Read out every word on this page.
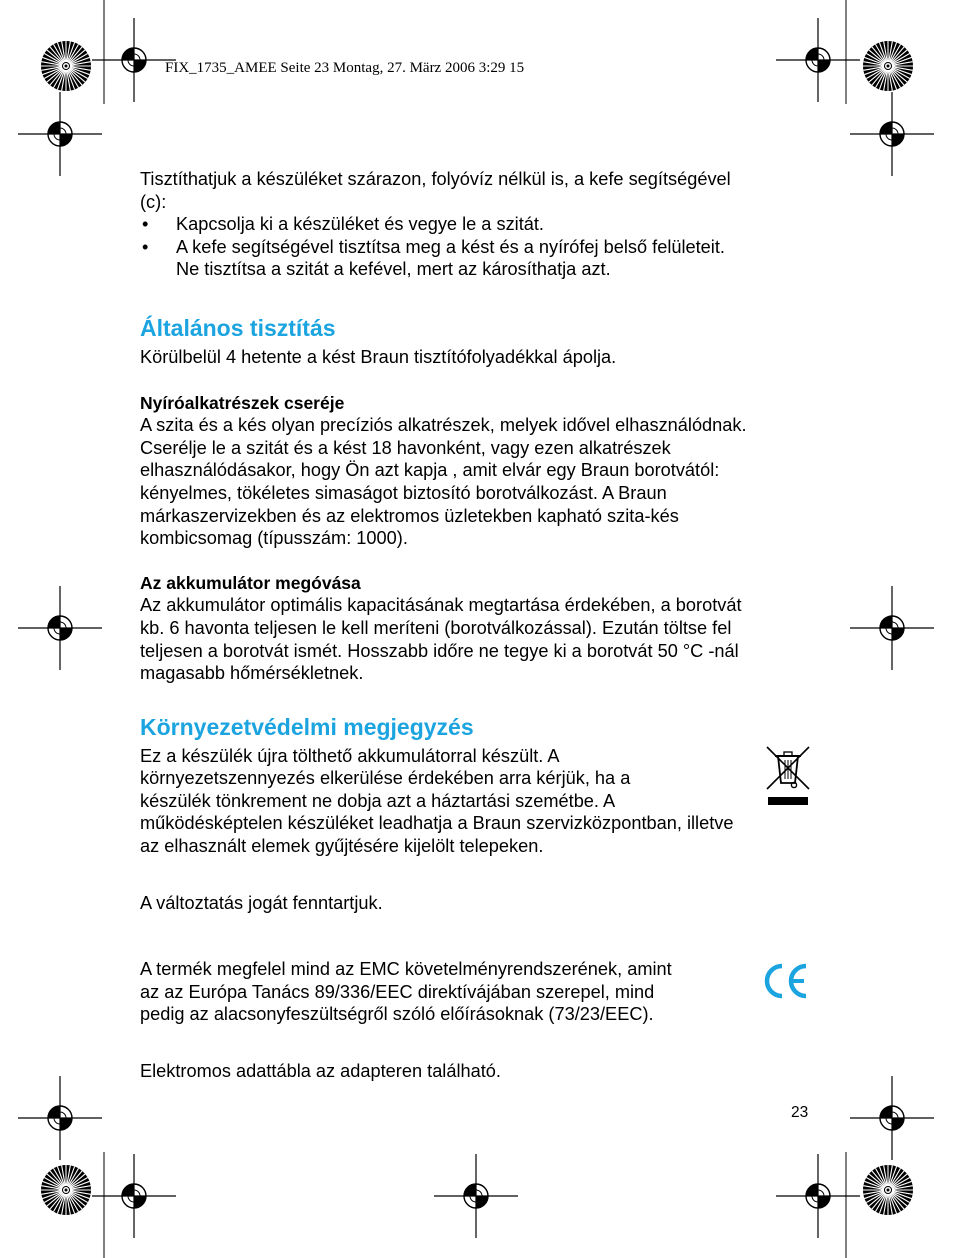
FIX_1735_AMEE Seite 23 Montag, 27. März 2006 3:29 15

Tisztíthatjuk a készüléket szárazon, folyóvíz nélkül is, a kefe segítségével

(c):

• Kapcsolja ki a készüléket és vegye le a szitát.
• A kefe segítségével tisztítsa meg a kést és a nyírófej belső felületeit.
Ne tisztítsa a szitát a kefével, mert az károsíthatja azt.
Általános tisztítás

Körülbelül 4 hetente a kést Braun tisztítófolyadékkal ápolja.

Nyíróalkatrészek cseréje

A szita és a kés olyan precíziós alkatrészek, melyek idővel elhasználódnak.

Cserélje le a szitát és a kést 18 havonként, vagy ezen alkatrészek

elhasználódásakor, hogy Ön azt kapja , amit elvár egy Braun borotvától:

kényelmes, tökéletes simaságot biztosító borotválkozást. A Braun

márkaszervizekben és az elektromos üzletekben kapható szita-kés

kombicsomag (típusszám: 1000).

Az akkumulátor megóvása

Az akkumulátor optimális kapacitásának megtartása érdekében, a borotvát

kb. 6 havonta teljesen le kell meríteni (borotválkozással). Ezután töltse fel

teljesen a borotvát ismét. Hosszabb időre ne tegye ki a borotvát 50 °C -nál

magasabb hőmérsékletnek.

Környezetvédelmi megjegyzés

Ez a készülék újra tölthető akkumulátorral készült. A

környezetszennyezés elkerülése érdekében arra kérjük, ha a

készülék tönkrement ne dobja azt a háztartási szemétbe. A

működésképtelen készüléket leadhatja a Braun szervizközpontban, illetve

az elhasznált elemek gyűjtésére kijelölt telepeken.

A változtatás jogát fenntartjuk.

A termék megfelel mind az EMC követelményrendszerének, amint

az az Európa Tanács 89/336/EEC direktívájában szerepel, mind

pedig az alacsonyfeszültségről szóló előírásoknak (73/23/EEC).

Elektromos adattábla az adapteren található.

23
